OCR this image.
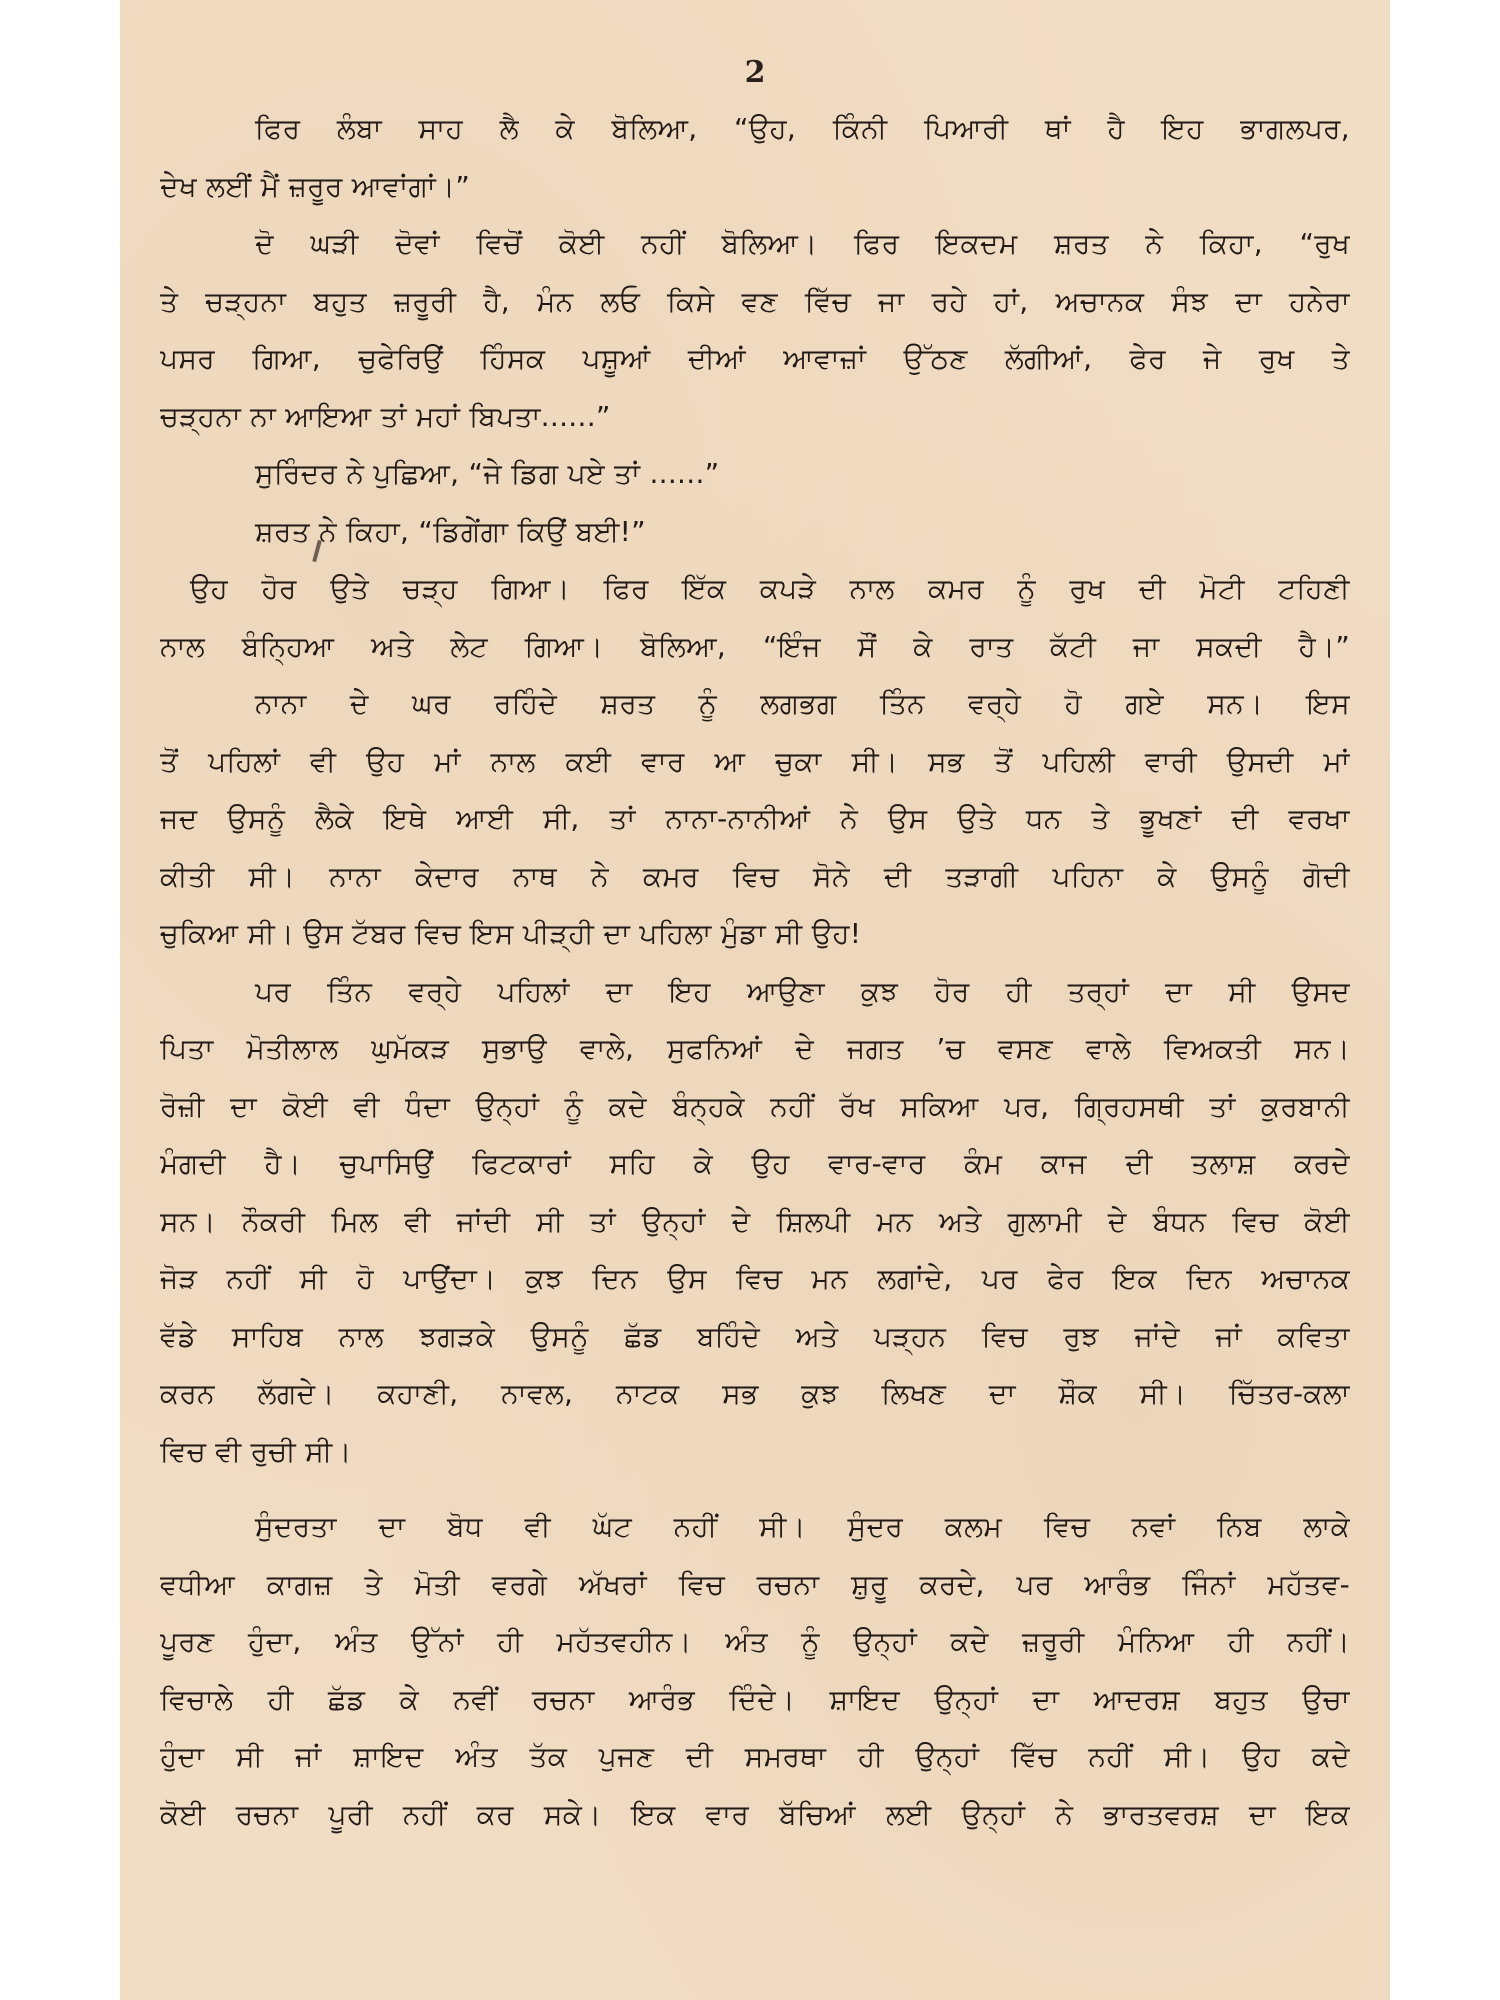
2
ਫਿਰ ਲੰਬਾ ਸਾਹ ਲੈ ਕੇ ਬੋਲਿਆ, “ਉਹ, ਕਿੰਨੀ ਪਿਆਰੀ ਥਾਂ ਹੈ ਇਹ ਭਾਗਲਪਰ,
ਦੇਖ ਲਈਂ ਮੈਂ ਜ਼ਰੂਰ ਆਵਾਂਗਾਂ।”
ਦੋ ਘੜੀ ਦੋਵਾਂ ਵਿਚੋਂ ਕੋਈ ਨਹੀਂ ਬੋਲਿਆ। ਫਿਰ ਇਕਦਮ ਸ਼ਰਤ ਨੇ ਕਿਹਾ, “ਰੁਖ
ਤੇ ਚੜ੍ਹਨਾ ਬਹੁਤ ਜ਼ਰੂਰੀ ਹੈ, ਮੰਨ ਲਓ ਕਿਸੇ ਵਣ ਵਿੱਚ ਜਾ ਰਹੇ ਹਾਂ, ਅਚਾਨਕ ਸੰਝ ਦਾ ਹਨੇਰਾ
ਪਸਰ ਗਿਆ, ਚੁਫੇਰਿਉਂ ਹਿੰਸਕ ਪਸ਼ੂਆਂ ਦੀਆਂ ਆਵਾਜ਼ਾਂ ਉੱਠਣ ਲੱਗੀਆਂ, ਫੇਰ ਜੇ ਰੁਖ ਤੇ
ਚੜ੍ਹਨਾ ਨਾ ਆਇਆ ਤਾਂ ਮਹਾਂ ਬਿਪਤਾ......”
ਸੁਰਿੰਦਰ ਨੇ ਪੁਛਿਆ, “ਜੇ ਡਿਗ ਪਏ ਤਾਂ ......”
ਸ਼ਰਤ ਨੇ ਕਿਹਾ, “ਡਿਗੇਂਗਾ ਕਿਉਂ ਬਈ!”
ਉਹ ਹੋਰ ਉਤੇ ਚੜ੍ਹ ਗਿਆ। ਫਿਰ ਇੱਕ ਕਪੜੇ ਨਾਲ ਕਮਰ ਨੂੰ ਰੁਖ ਦੀ ਮੋਟੀ ਟਹਿਣੀ
ਨਾਲ ਬੰਨ੍ਹਿਆ ਅਤੇ ਲੇਟ ਗਿਆ। ਬੋਲਿਆ, “ਇੰਜ ਸੌਂ ਕੇ ਰਾਤ ਕੱਟੀ ਜਾ ਸਕਦੀ ਹੈ।”
ਨਾਨਾ ਦੇ ਘਰ ਰਹਿੰਦੇ ਸ਼ਰਤ ਨੂੰ ਲਗਭਗ ਤਿੰਨ ਵਰ੍ਹੇ ਹੋ ਗਏ ਸਨ। ਇਸ
ਤੋਂ ਪਹਿਲਾਂ ਵੀ ਉਹ ਮਾਂ ਨਾਲ ਕਈ ਵਾਰ ਆ ਚੁਕਾ ਸੀ। ਸਭ ਤੋਂ ਪਹਿਲੀ ਵਾਰੀ ਉਸਦੀ ਮਾਂ
ਜਦ ਉਸਨੂੰ ਲੈਕੇ ਇਥੇ ਆਈ ਸੀ, ਤਾਂ ਨਾਨਾ-ਨਾਨੀਆਂ ਨੇ ਉਸ ਉਤੇ ਧਨ ਤੇ ਭੂਖਣਾਂ ਦੀ ਵਰਖਾ
ਕੀਤੀ ਸੀ। ਨਾਨਾ ਕੇਦਾਰ ਨਾਥ ਨੇ ਕਮਰ ਵਿਚ ਸੋਨੇ ਦੀ ਤੜਾਗੀ ਪਹਿਨਾ ਕੇ ਉਸਨੂੰ ਗੋਦੀ
ਚੁਕਿਆ ਸੀ। ਉਸ ਟੱਬਰ ਵਿਚ ਇਸ ਪੀੜ੍ਹੀ ਦਾ ਪਹਿਲਾ ਮੁੰਡਾ ਸੀ ਉਹ!
ਪਰ ਤਿੰਨ ਵਰ੍ਹੇ ਪਹਿਲਾਂ ਦਾ ਇਹ ਆਉਣਾ ਕੁਝ ਹੋਰ ਹੀ ਤਰ੍ਹਾਂ ਦਾ ਸੀ ਉਸਦ
ਪਿਤਾ ਮੋਤੀਲਾਲ ਘੁਮੱਕੜ ਸੁਭਾਉ ਵਾਲੇ, ਸੁਫਨਿਆਂ ਦੇ ਜਗਤ ’ਚ ਵਸਣ ਵਾਲੇ ਵਿਅਕਤੀ ਸਨ।
ਰੋਜ਼ੀ ਦਾ ਕੋਈ ਵੀ ਧੰਦਾ ਉਨ੍ਹਾਂ ਨੂੰ ਕਦੇ ਬੰਨ੍ਹਕੇ ਨਹੀਂ ਰੱਖ ਸਕਿਆ ਪਰ, ਗ੍ਰਿਹਸਥੀ ਤਾਂ ਕੁਰਬਾਨੀ
ਮੰਗਦੀ ਹੈ। ਚੁਪਾਸਿਉਂ ਫਿਟਕਾਰਾਂ ਸਹਿ ਕੇ ਉਹ ਵਾਰ-ਵਾਰ ਕੰਮ ਕਾਜ ਦੀ ਤਲਾਸ਼ ਕਰਦੇ
ਸਨ। ਨੌਕਰੀ ਮਿਲ ਵੀ ਜਾਂਦੀ ਸੀ ਤਾਂ ਉਨ੍ਹਾਂ ਦੇ ਸ਼ਿਲਪੀ ਮਨ ਅਤੇ ਗੁਲਾਮੀ ਦੇ ਬੰਧਨ ਵਿਚ ਕੋਈ
ਜੋੜ ਨਹੀਂ ਸੀ ਹੋ ਪਾਉਂਦਾ। ਕੁਝ ਦਿਨ ਉਸ ਵਿਚ ਮਨ ਲਗਾਂਦੇ, ਪਰ ਫੇਰ ਇਕ ਦਿਨ ਅਚਾਨਕ
ਵੱਡੇ ਸਾਹਿਬ ਨਾਲ ਝਗੜਕੇ ਉਸਨੂੰ ਛੱਡ ਬਹਿੰਦੇ ਅਤੇ ਪੜ੍ਹਨ ਵਿਚ ਰੁਝ ਜਾਂਦੇ ਜਾਂ ਕਵਿਤਾ
ਕਰਨ ਲੱਗਦੇ। ਕਹਾਣੀ, ਨਾਵਲ, ਨਾਟਕ ਸਭ ਕੁਝ ਲਿਖਣ ਦਾ ਸ਼ੌਕ ਸੀ। ਚਿੱਤਰ-ਕਲਾ
ਵਿਚ ਵੀ ਰੁਚੀ ਸੀ।
ਸੁੰਦਰਤਾ ਦਾ ਬੋਧ ਵੀ ਘੱਟ ਨਹੀਂ ਸੀ। ਸੁੰਦਰ ਕਲਮ ਵਿਚ ਨਵਾਂ ਨਿਬ ਲਾਕੇ
ਵਧੀਆ ਕਾਗਜ਼ ਤੇ ਮੋਤੀ ਵਰਗੇ ਅੱਖਰਾਂ ਵਿਚ ਰਚਨਾ ਸ਼ੁਰੂ ਕਰਦੇ, ਪਰ ਆਰੰਭ ਜਿੰਨਾਂ ਮਹੱਤਵ-
ਪੂਰਣ ਹੁੰਦਾ, ਅੰਤ ਉੱਨਾਂ ਹੀ ਮਹੱਤਵਹੀਨ। ਅੰਤ ਨੂੰ ਉਨ੍ਹਾਂ ਕਦੇ ਜ਼ਰੂਰੀ ਮੰਨਿਆ ਹੀ ਨਹੀਂ।
ਵਿਚਾਲੇ ਹੀ ਛੱਡ ਕੇ ਨਵੀਂ ਰਚਨਾ ਆਰੰਭ ਦਿੰਦੇ। ਸ਼ਾਇਦ ਉਨ੍ਹਾਂ ਦਾ ਆਦਰਸ਼ ਬਹੁਤ ਉਚਾ
ਹੁੰਦਾ ਸੀ ਜਾਂ ਸ਼ਾਇਦ ਅੰਤ ਤੱਕ ਪੁਜਣ ਦੀ ਸਮਰਥਾ ਹੀ ਉਨ੍ਹਾਂ ਵਿੱਚ ਨਹੀਂ ਸੀ। ਉਹ ਕਦੇ
ਕੋਈ ਰਚਨਾ ਪੂਰੀ ਨਹੀਂ ਕਰ ਸਕੇ। ਇਕ ਵਾਰ ਬੱਚਿਆਂ ਲਈ ਉਨ੍ਹਾਂ ਨੇ ਭਾਰਤਵਰਸ਼ ਦਾ ਇਕ
